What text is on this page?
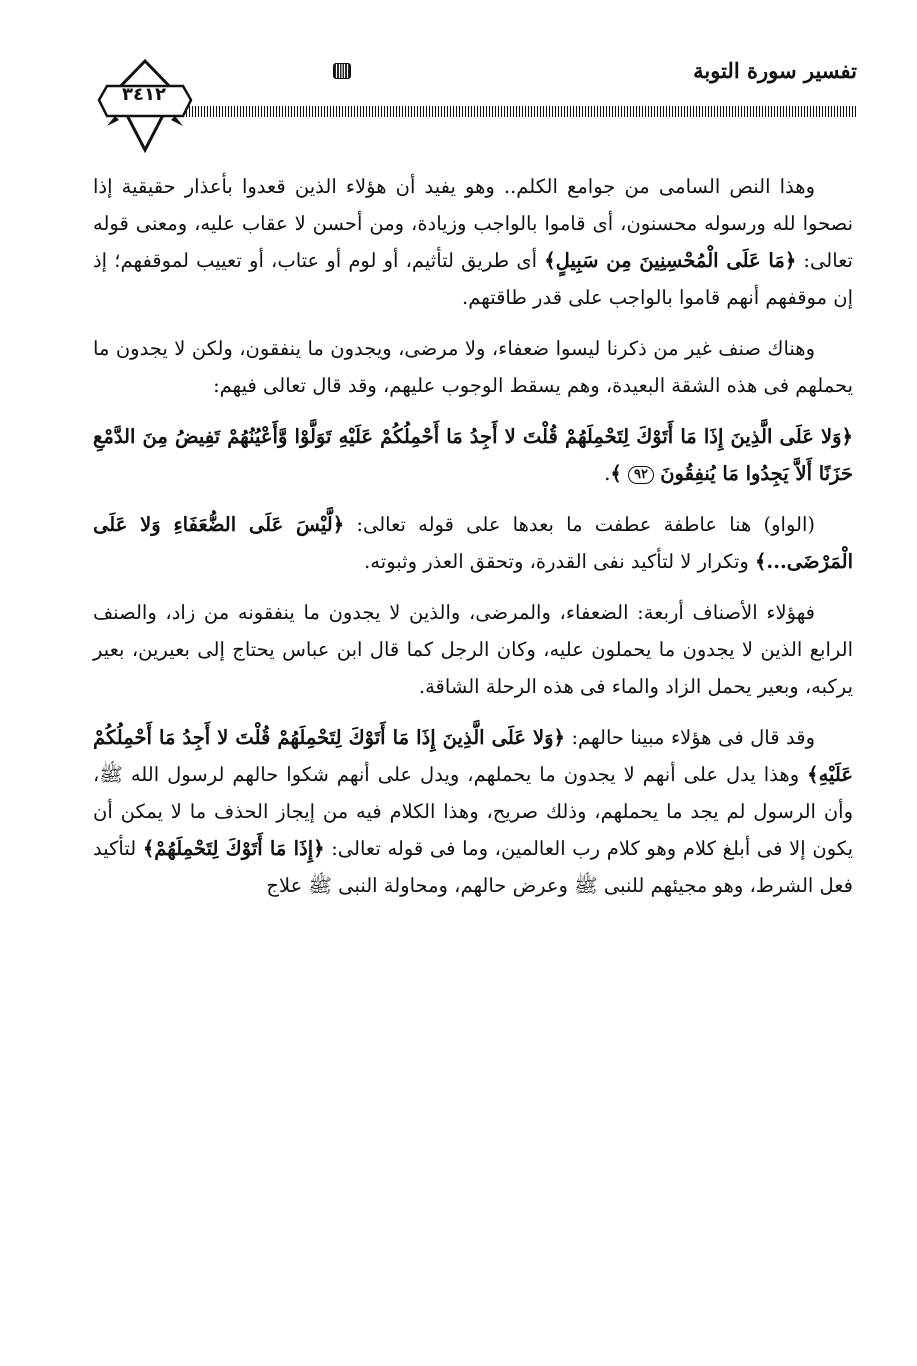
تفسير سورة التوبة
٣٤١٢

وهذا النص السامى من جوامع الكلم.. وهو يفيد أن هؤلاء الذين قعدوا بأعذار حقيقية إذا نصحوا لله ورسوله محسنون، أى قاموا بالواجب وزيادة، ومن أحسن لا عقاب عليه، ومعنى قوله تعالى: ﴿مَا عَلَى الْمُحْسِنِينَ مِن سَبِيلٍ﴾ أى طريق لتأثيم، أو لوم أو عتاب، أو تعييب لموقفهم؛ إذ إن موقفهم أنهم قاموا بالواجب على قدر طاقتهم.

وهناك صنف غير من ذكرنا ليسوا ضعفاء، ولا مرضى، ويجدون ما ينفقون، ولكن لا يجدون ما يحملهم فى هذه الشقة البعيدة، وهم يسقط الوجوب عليهم، وقد قال تعالى فيهم:

﴿وَلا عَلَى الَّذِينَ إِذَا مَا أَتَوْكَ لِتَحْمِلَهُمْ قُلْتَ لا أَجِدُ مَا أَحْمِلُكُمْ عَلَيْهِ تَوَلَّوْا وَّأَعْيُنُهُمْ تَفِيضُ مِنَ الدَّمْعِ حَزَنًا أَلاَّ يَجِدُوا مَا يُنفِقُونَ ٩٢ ﴾.

(الواو) هنا عاطفة عطفت ما بعدها على قوله تعالى: ﴿لَّيْسَ عَلَى الضُّعَفَاءِ وَلا عَلَى الْمَرْضَى...﴾ وتكرار لا لتأكيد نفى القدرة، وتحقق العذر وثبوته.

فهؤلاء الأصناف أربعة: الضعفاء، والمرضى، والذين لا يجدون ما ينفقونه من زاد، والصنف الرابع الذين لا يجدون ما يحملون عليه، وكان الرجل كما قال ابن عباس يحتاج إلى بعيرين، بعير يركبه، وبعير يحمل الزاد والماء فى هذه الرحلة الشاقة.

وقد قال فى هؤلاء مبينا حالهم: ﴿وَلا عَلَى الَّذِينَ إِذَا مَا أَتَوْكَ لِتَحْمِلَهُمْ قُلْتَ لا أَجِدُ مَا أَحْمِلُكُمْ عَلَيْهِ﴾ وهذا يدل على أنهم لا يجدون ما يحملهم، ويدل على أنهم شكوا حالهم لرسول الله ﷺ، وأن الرسول لم يجد ما يحملهم، وذلك صريح، وهذا الكلام فيه من إيجاز الحذف ما لا يمكن أن يكون إلا فى أبلغ كلام وهو كلام رب العالمين، وما فى قوله تعالى: ﴿إِذَا مَا أَتَوْكَ لِتَحْمِلَهُمْ﴾ لتأكيد فعل الشرط، وهو مجيئهم للنبى ﷺ وعرض حالهم، ومحاولة النبى ﷺ علاج
